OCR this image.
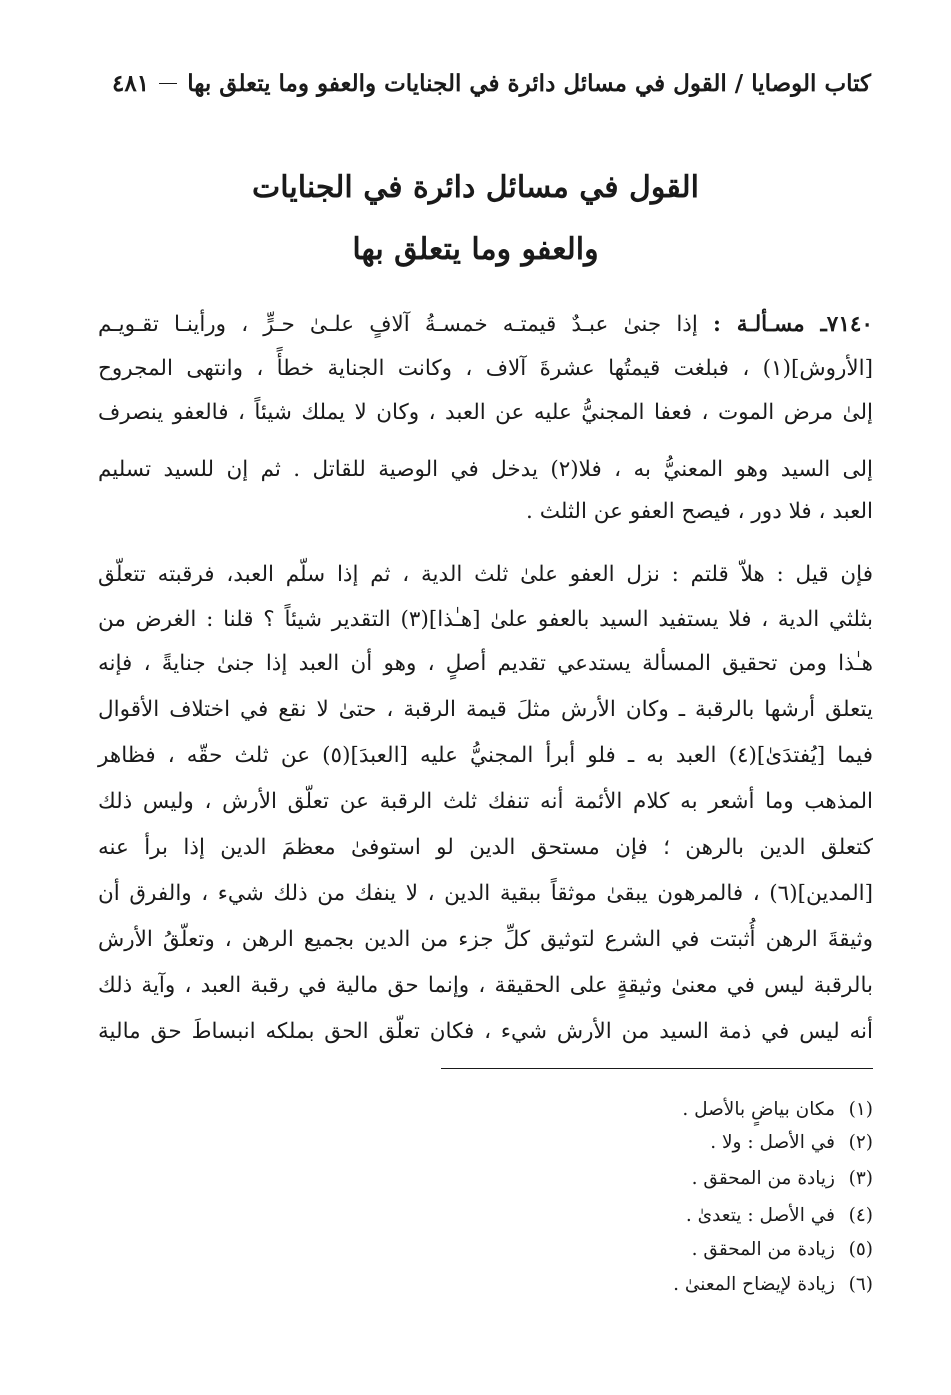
كتاب الوصايا / القول في مسائل دائرة في الجنايات والعفو وما يتعلق بها
٤٨١
القول في مسائل دائرة في الجنايات
والعفو وما يتعلق بها
٧١٤٠ـ مسـألـة : إذا جنىٰ عبـدٌ قيمتـه خمسـةُ آلافٍ علـىٰ حـرٍّ ، ورأينـا تقـويـم
[الأروش](١) ، فبلغت قيمتُها عشرةَ آلاف ، وكانت الجناية خطأً ، وانتهى المجروح
إلىٰ مرض الموت ، فعفا المجنيُّ عليه عن العبد ، وكان لا يملك شيئاً ، فالعفو ينصرف
إلى السيد وهو المعنيُّ به ، فلا(٢) يدخل في الوصية للقاتل . ثم إن للسيد تسليم
العبد ، فلا دور ، فيصح العفو عن الثلث .
فإن قيل : هلاّ قلتم : نزل العفو علىٰ ثلث الدية ، ثم إذا سلّم العبد، فرقبته تتعلّق
بثلثي الدية ، فلا يستفيد السيد بالعفو علىٰ [هـٰذا](٣) التقدير شيئاً ؟ قلنا : الغرض من
هـٰذا ومن تحقيق المسألة يستدعي تقديم أصلٍ ، وهو أن العبد إذا جنىٰ جنايةً ، فإنه
يتعلق أرشها بالرقبة ـ وكان الأرش مثلَ قيمة الرقبة ، حتىٰ لا نقع في اختلاف الأقوال
فيما [يُفتدَىٰ](٤) العبد به ـ فلو أبرأ المجنيُّ عليه [العبدَ](٥) عن ثلث حقّه ، فظاهر
المذهب وما أشعر به كلام الأئمة أنه تنفك ثلث الرقبة عن تعلّق الأرش ، وليس ذلك
كتعلق الدين بالرهن ؛ فإن مستحق الدين لو استوفىٰ معظمَ الدين إذا برأ عنه
[المدين](٦) ، فالمرهون يبقىٰ موثقاً ببقية الدين ، لا ينفك من ذلك شيء ، والفرق أن
وثيقةَ الرهن أُثبتت في الشرع لتوثيق كلِّ جزء من الدين بجميع الرهن ، وتعلّقُ الأرش
بالرقبة ليس في معنىٰ وثيقةٍ على الحقيقة ، وإنما حق مالية في رقبة العبد ، وآية ذلك
أنه ليس في ذمة السيد من الأرش شيء ، فكان تعلّق الحق بملكه انبساطَ حق مالية
(١)مكان بياضٍ بالأصل .
(٢)في الأصل : ولا .
(٣)زيادة من المحقق .
(٤)في الأصل : يتعدىٰ .
(٥)زيادة من المحقق .
(٦)زيادة لإيضاح المعنىٰ .
